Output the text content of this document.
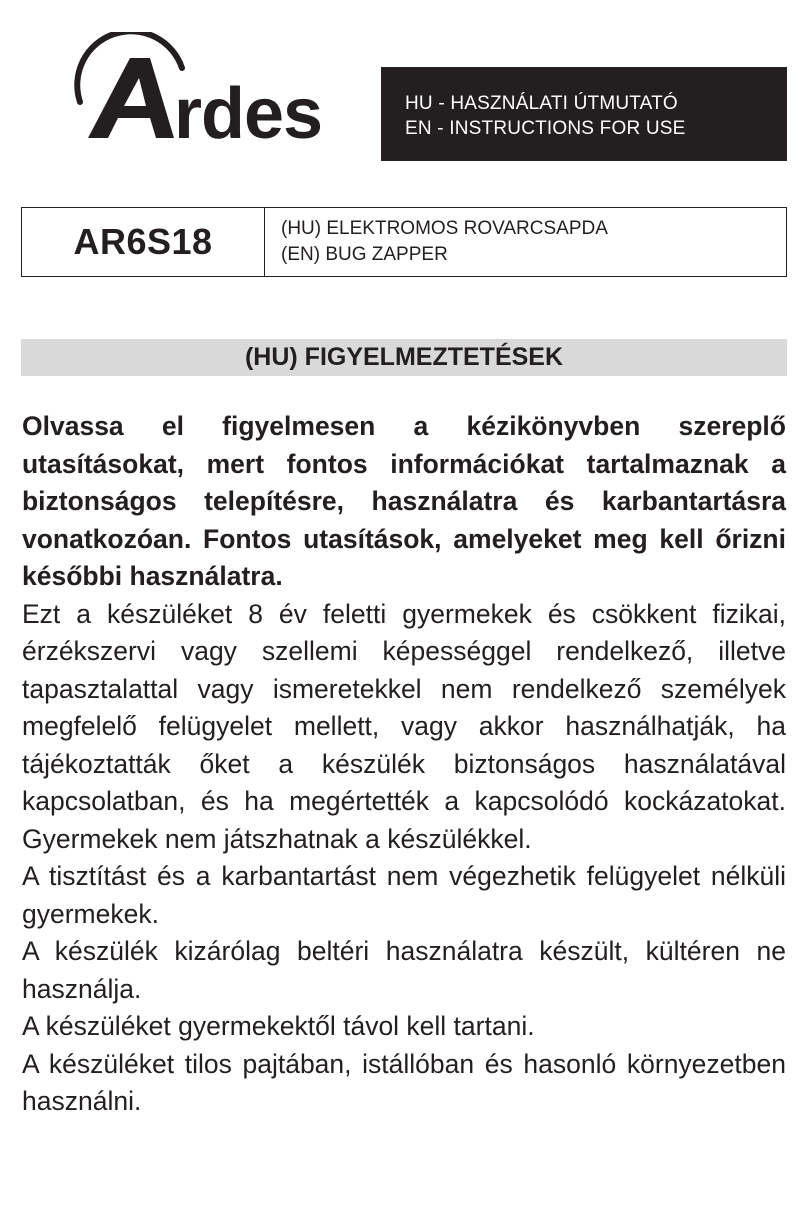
rdes	HU - HASZNÁLATI ÚTMUTATÓ
EN - INSTRUCTIONS FOR USE
AR6S18	(HU) ELEKTROMOS ROVARCSAPDA
(EN) BUG ZAPPER
(HU) FIGYELMEZTETÉSEK

Olvassa el figyelmesen a kézikönyvben szereplő utasításokat, mert fontos információkat tartalmaznak a biztonságos telepítésre, használatra és karbantartásra vonatkozóan. Fontos utasítások, amelyeket meg kell őrizni későbbi használatra.

Ezt a készüléket 8 év feletti gyermekek és csökkent fizikai, érzékszervi vagy szellemi képességgel rendelkező, illetve tapasztalattal vagy ismeretekkel nem rendelkező személyek megfelelő felügyelet mellett, vagy akkor használhatják, ha tájékoztatták őket a készülék biztonságos használatával kapcsolatban, és ha megértették a kapcsolódó kockázatokat. Gyermekek nem játszhatnak a készülékkel.

A tisztítást és a karbantartást nem végezhetik felügyelet nélküli gyermekek.

A készülék kizárólag beltéri használatra készült, kültéren ne használja.

A készüléket gyermekektől távol kell tartani.

A készüléket tilos pajtában, istállóban és hasonló környezetben használni.
